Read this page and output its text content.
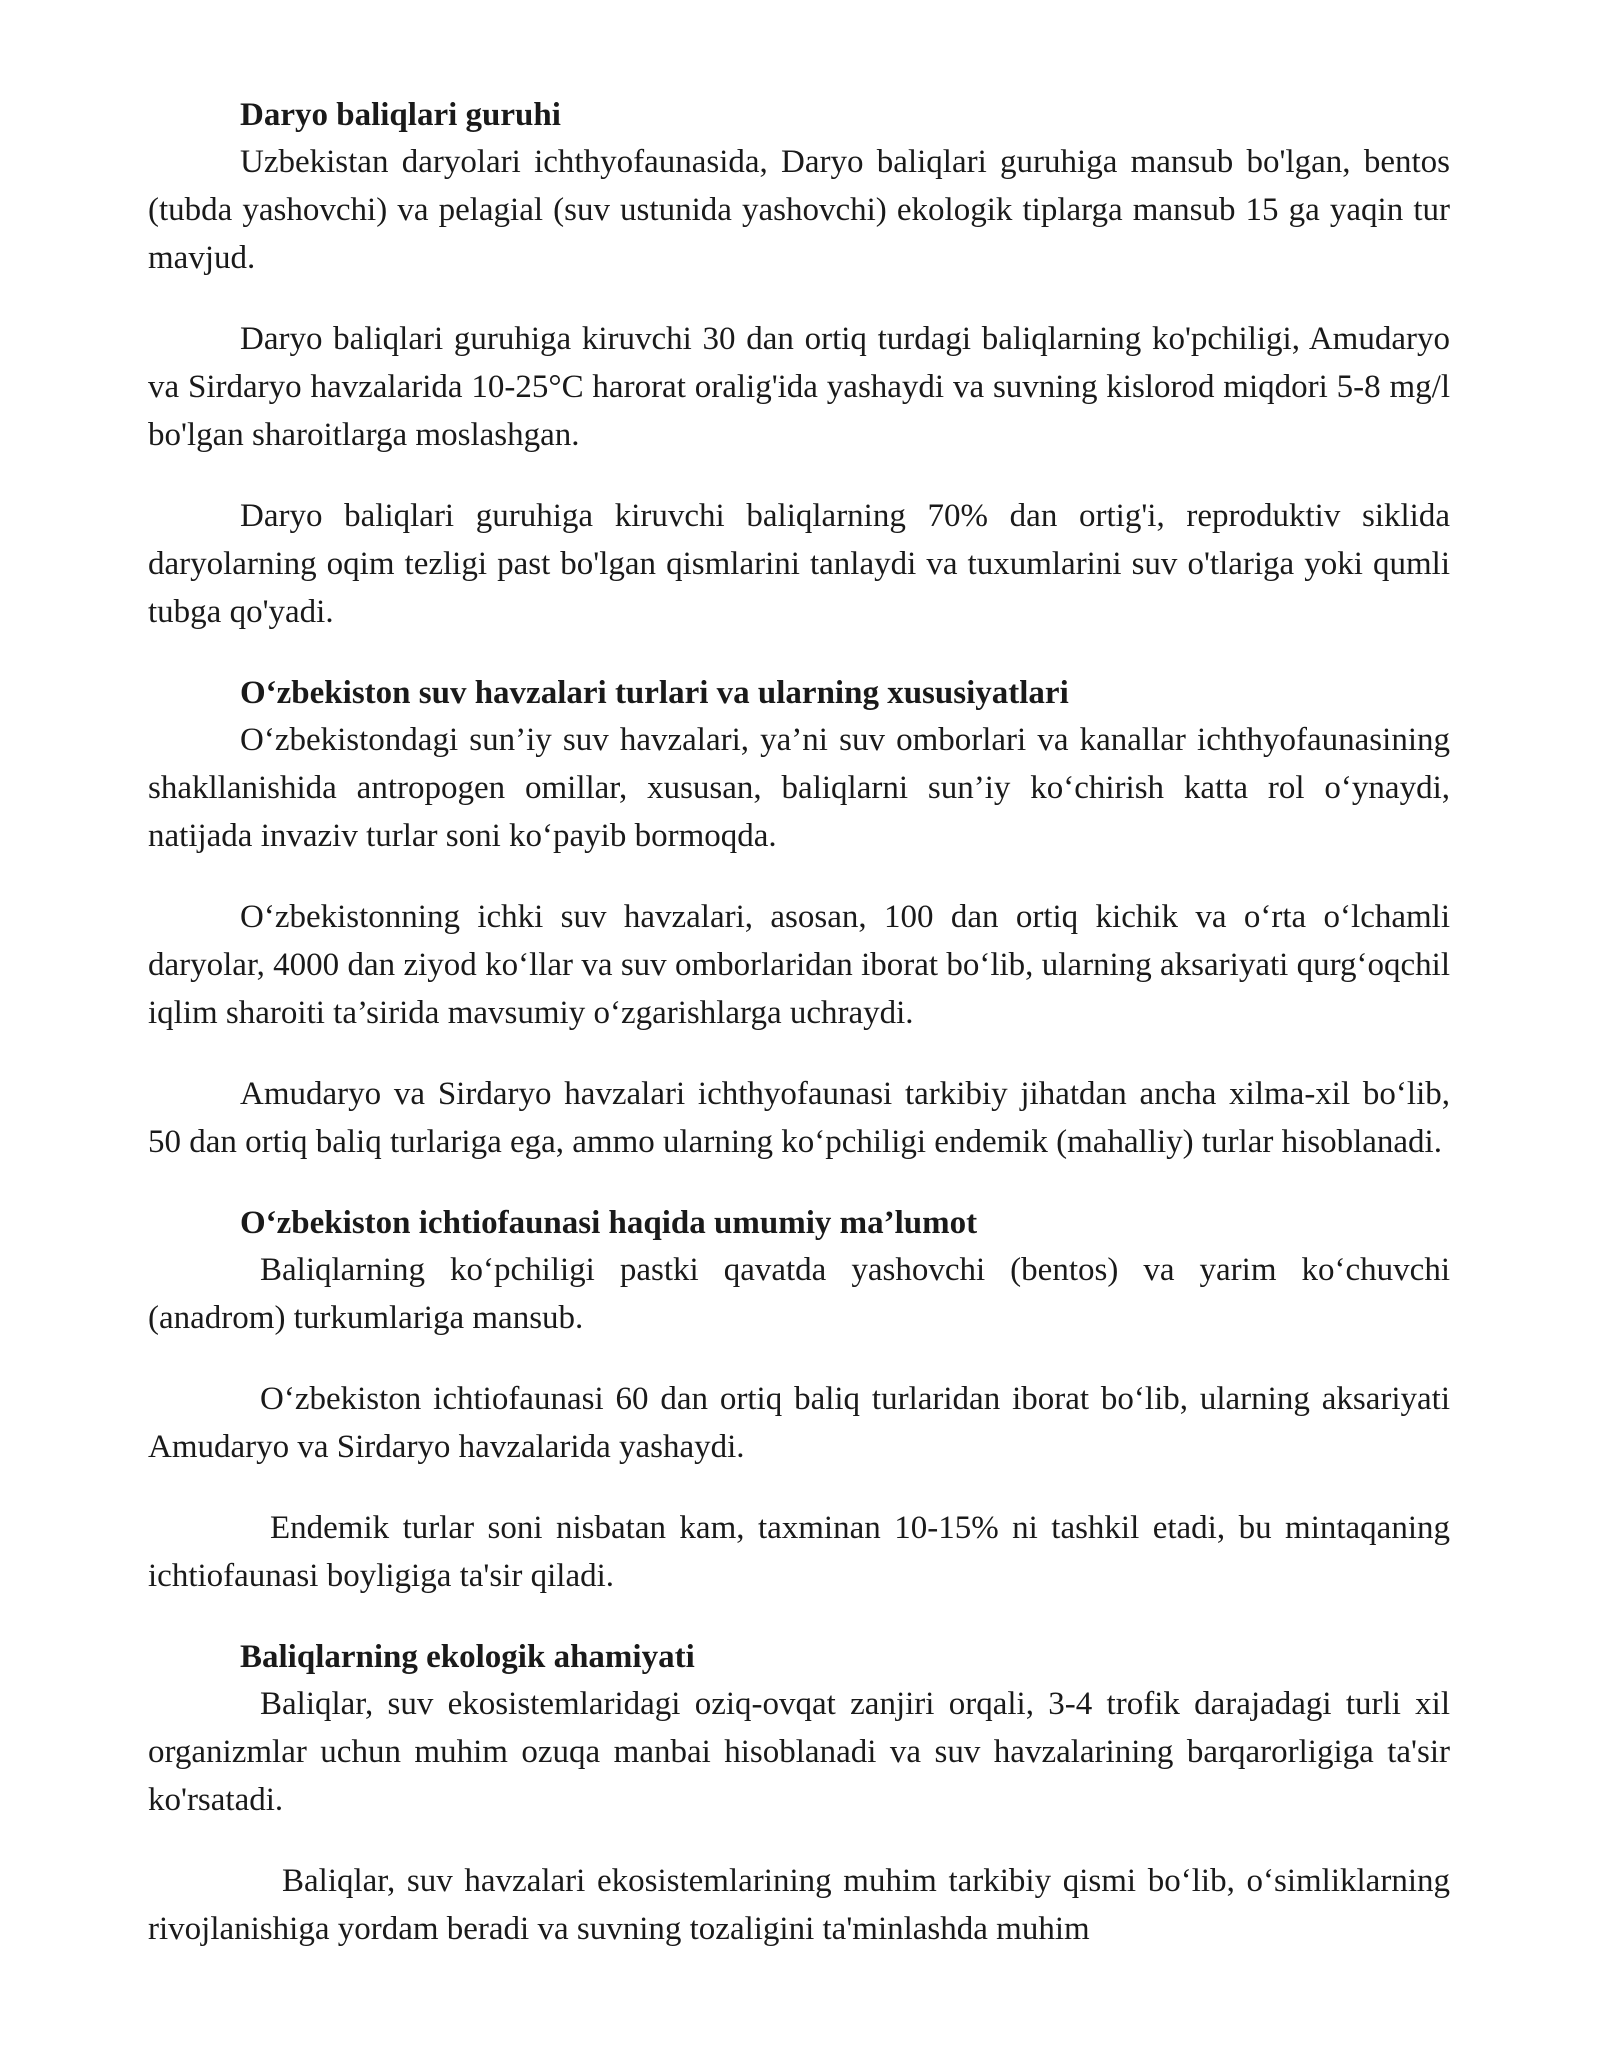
Daryo baliqlari guruhi

Uzbekistan daryolari ichthyofaunasida, Daryo baliqlari guruhiga mansub bo'lgan, bentos (tubda yashovchi) va pelagial (suv ustunida yashovchi) ekologik tiplarga mansub 15 ga yaqin tur mavjud.

Daryo baliqlari guruhiga kiruvchi 30 dan ortiq turdagi baliqlarning ko'pchiligi, Amudaryo va Sirdaryo havzalarida 10-25°C harorat oralig'ida yashaydi va suvning kislorod miqdori 5-8 mg/l bo'lgan sharoitlarga moslashgan.

Daryo baliqlari guruhiga kiruvchi baliqlarning 70% dan ortig'i, reproduktiv siklida daryolarning oqim tezligi past bo'lgan qismlarini tanlaydi va tuxumlarini suv o'tlariga yoki qumli tubga qo'yadi.

O‘zbekiston suv havzalari turlari va ularning xususiyatlari

O‘zbekistondagi sun’iy suv havzalari, ya’ni suv omborlari va kanallar ichthyofaunasining shakllanishida antropogen omillar, xususan, baliqlarni sun’iy ko‘chirish katta rol o‘ynaydi, natijada invaziv turlar soni ko‘payib bormoqda.

O‘zbekistonning ichki suv havzalari, asosan, 100 dan ortiq kichik va o‘rta o‘lchamli daryolar, 4000 dan ziyod ko‘llar va suv omborlaridan iborat bo‘lib, ularning aksariyati qurg‘oqchil iqlim sharoiti ta’sirida mavsumiy o‘zgarishlarga uchraydi.

Amudaryo va Sirdaryo havzalari ichthyofaunasi tarkibiy jihatdan ancha xilma-xil bo‘lib, 50 dan ortiq baliq turlariga ega, ammo ularning ko‘pchiligi endemik (mahalliy) turlar hisoblanadi.

O‘zbekiston ichtiofaunasi haqida umumiy ma’lumot

Baliqlarning ko‘pchiligi pastki qavatda yashovchi (bentos) va yarim ko‘chuvchi (anadrom) turkumlariga mansub.

O‘zbekiston ichtiofaunasi 60 dan ortiq baliq turlaridan iborat bo‘lib, ularning aksariyati Amudaryo va Sirdaryo havzalarida yashaydi.

Endemik turlar soni nisbatan kam, taxminan 10-15% ni tashkil etadi, bu mintaqaning ichtiofaunasi boyligiga ta'sir qiladi.

Baliqlarning ekologik ahamiyati

Baliqlar, suv ekosistemlaridagi oziq-ovqat zanjiri orqali, 3-4 trofik darajadagi turli xil organizmlar uchun muhim ozuqa manbai hisoblanadi va suv havzalarining barqarorligiga ta'sir ko'rsatadi.

Baliqlar, suv havzalari ekosistemlarining muhim tarkibiy qismi bo‘lib, o‘simliklarning rivojlanishiga yordam beradi va suvning tozaligini ta'minlashda muhim
